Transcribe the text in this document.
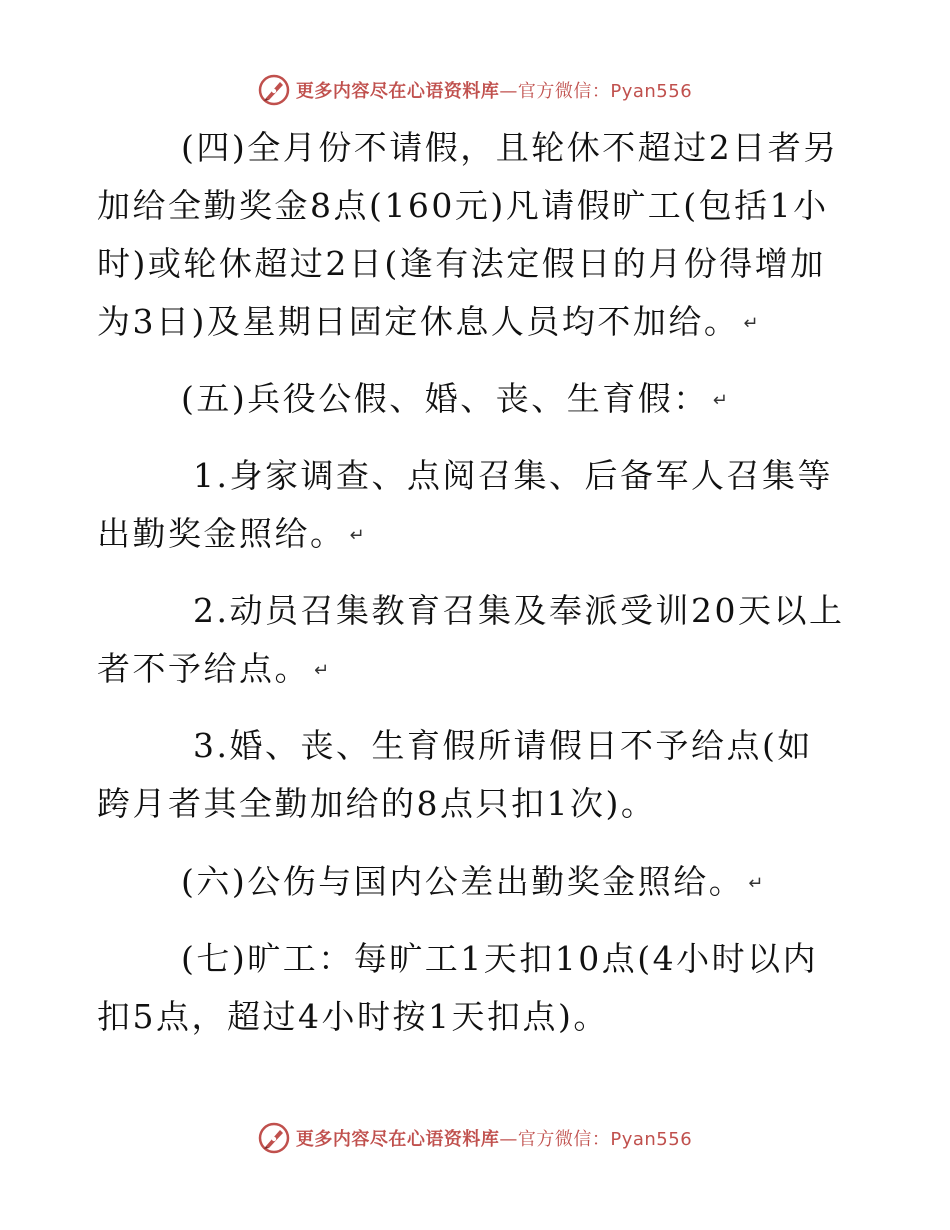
更多内容尽在心语资料库—官方微信：Pyan556

(四)全月份不请假，且轮休不超过2日者另加给全勤奖金8点(160元)凡请假旷工(包括1小时)或轮休超过2日(逢有法定假日的月份得增加为3日)及星期日固定休息人员均不加给。 ↵

(五)兵役公假、婚、丧、生育假： ↵

1.身家调查、点阅召集、后备军人召集等出勤奖金照给。 ↵

2.动员召集教育召集及奉派受训20天以上者不予给点。 ↵

3.婚、丧、生育假所请假日不予给点(如跨月者其全勤加给的8点只扣1次)。

(六)公伤与国内公差出勤奖金照给。 ↵

(七)旷工：每旷工1天扣10点(4小时以内扣5点，超过4小时按1天扣点)。

更多内容尽在心语资料库—官方微信：Pyan556
